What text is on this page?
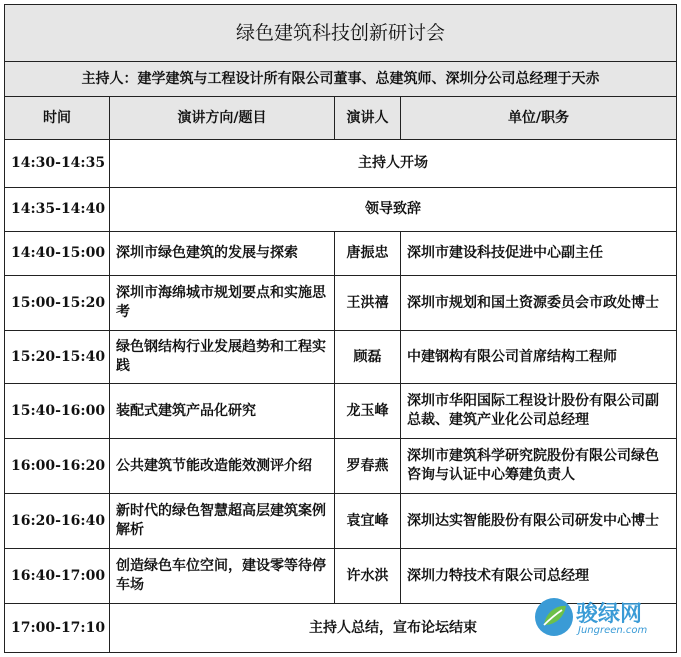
绿色建筑科技创新研讨会			
主持人：建学建筑与工程设计所有限公司董事、总建筑师、深圳分公司总经理于天赤			
时间	演讲方向/题目	演讲人	单位/职务
14:30-14:35	主持人开场		
14:35-14:40	领导致辞		
14:40-15:00	深圳市绿色建筑的发展与探索	唐振忠	深圳市建设科技促进中心副主任
15:00-15:20	深圳市海绵城市规划要点和实施思考	王洪禧	深圳市规划和国土资源委员会市政处博士
15:20-15:40	绿色钢结构行业发展趋势和工程实践	顾磊	中建钢构有限公司首席结构工程师
15:40-16:00	装配式建筑产品化研究	龙玉峰	深圳市华阳国际工程设计股份有限公司副总裁、建筑产业化公司总经理
16:00-16:20	公共建筑节能改造能效测评介绍	罗春燕	深圳市建筑科学研究院股份有限公司绿色咨询与认证中心筹建负责人
16:20-16:40	新时代的绿色智慧超高层建筑案例解析	袁宜峰	深圳达实智能股份有限公司研发中心博士
16:40-17:00	创造绿色车位空间，建设零等待停车场	许水洪	深圳力特技术有限公司总经理
17:00-17:10	主持人总结，宣布论坛结束		
骏绿网
Jungreen.com
